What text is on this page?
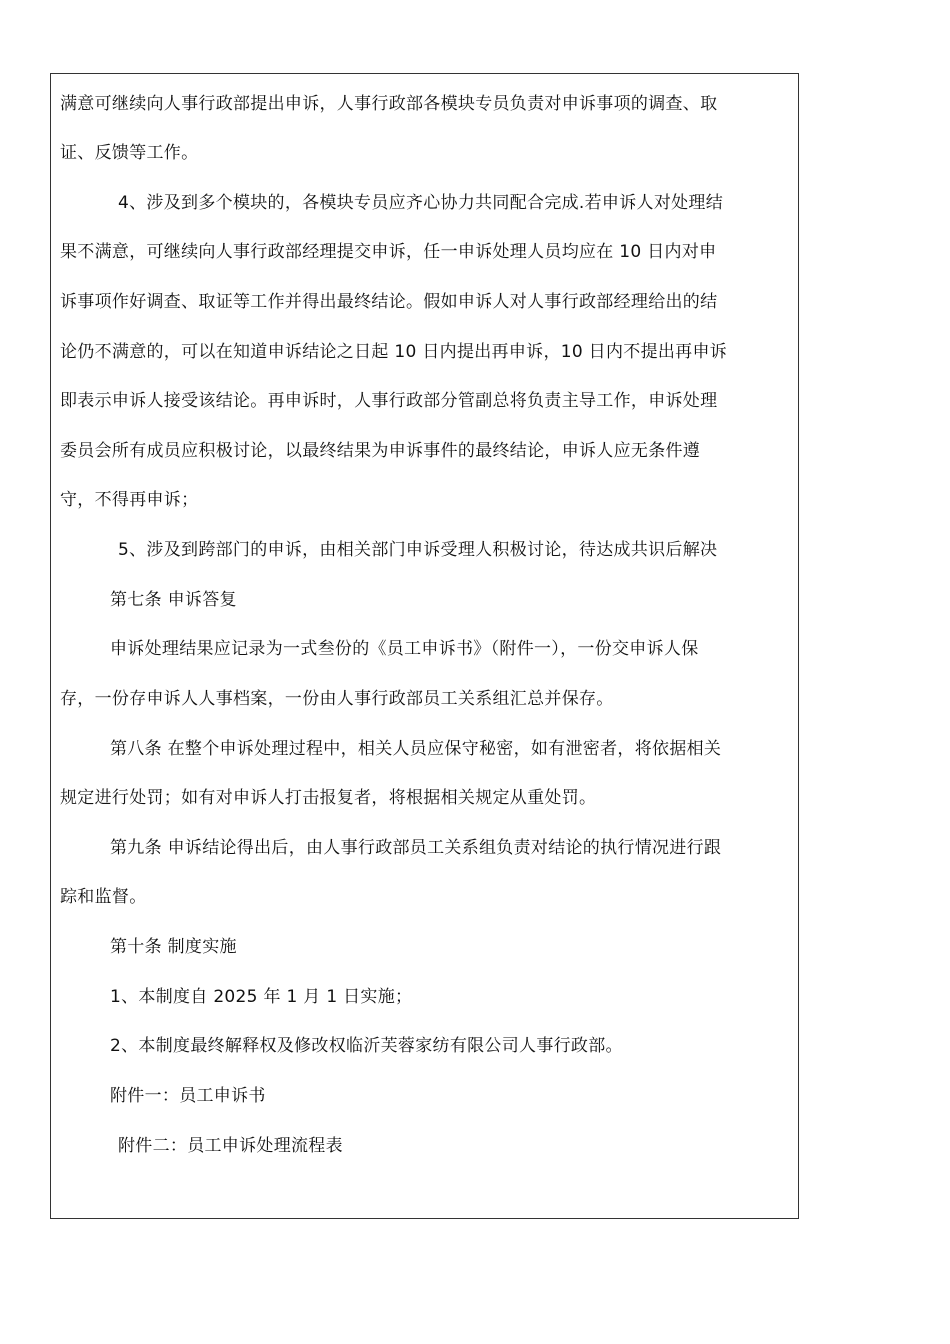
满意可继续向人事行政部提出申诉，人事行政部各模块专员负责对申诉事项的调查、取
证、反馈等工作。
4、涉及到多个模块的，各模块专员应齐心协力共同配合完成.若申诉人对处理结
果不满意，可继续向人事行政部经理提交申诉，任一申诉处理人员均应在 10 日内对申
诉事项作好调查、取证等工作并得出最终结论。假如申诉人对人事行政部经理给出的结
论仍不满意的，可以在知道申诉结论之日起 10 日内提出再申诉，10 日内不提出再申诉
即表示申诉人接受该结论。再申诉时，人事行政部分管副总将负责主导工作，申诉处理
委员会所有成员应积极讨论，以最终结果为申诉事件的最终结论，申诉人应无条件遵
守，不得再申诉；
5、涉及到跨部门的申诉，由相关部门申诉受理人积极讨论，待达成共识后解决
第七条 申诉答复
申诉处理结果应记录为一式叁份的《员工申诉书》（附件一），一份交申诉人保
存，一份存申诉人人事档案，一份由人事行政部员工关系组汇总并保存。
第八条 在整个申诉处理过程中，相关人员应保守秘密，如有泄密者，将依据相关
规定进行处罚；如有对申诉人打击报复者，将根据相关规定从重处罚。
第九条 申诉结论得出后，由人事行政部员工关系组负责对结论的执行情况进行跟
踪和监督。
第十条 制度实施
1、本制度自 2025 年 1 月 1 日实施；
2、本制度最终解释权及修改权临沂芙蓉家纺有限公司人事行政部。
附件一：员工申诉书
附件二：员工申诉处理流程表
